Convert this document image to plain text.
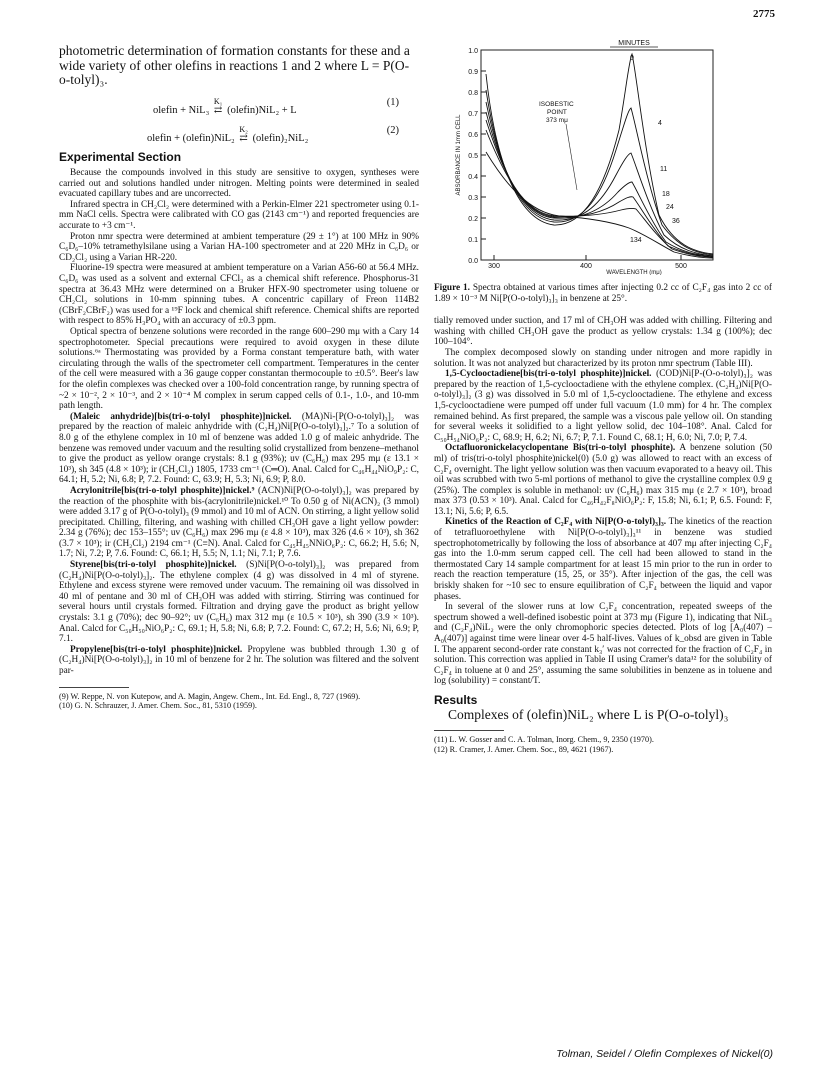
2775
photometric determination of formation constants for these and a wide variety of other olefins in reactions 1 and 2 where L = P(O-o-tolyl)₃.
olefin + NiL₃
K₁
⇄ (olefin)NiL₂ + L
(1)
olefin + (olefin)NiL₂
K₂
⇄ (olefin)₂NiL₂
(2)
Experimental Section

Because the compounds involved in this study are sensitive to oxygen, syntheses were carried out and solutions handled under nitrogen. Melting points were determined in sealed evacuated capillary tubes and are uncorrected.

Infrared spectra in CH₂Cl₂ were determined with a Perkin-Elmer 221 spectrometer using 0.1-mm NaCl cells. Spectra were calibrated with CO gas (2143 cm⁻¹) and reported frequencies are accurate to +3 cm⁻¹.

Proton nmr spectra were determined at ambient temperature (29 ± 1°) at 100 MHz in 90% C₆D₆–10% tetramethylsilane using a Varian HA-100 spectrometer and at 220 MHz in C₆D₆ or CD₂Cl₂ using a Varian HR-220.

Fluorine-19 spectra were measured at ambient temperature on a Varian A56-60 at 56.4 MHz. C₆D₆ was used as a solvent and external CFCl₃ as a chemical shift reference. Phosphorus-31 spectra at 36.43 MHz were determined on a Bruker HFX-90 spectrometer using toluene or CH₂Cl₂ solutions in 10-mm spinning tubes. A concentric capillary of Freon 114B2 (CBrF₂CBrF₂) was used for a ¹⁹F lock and chemical shift reference. Chemical shifts are reported with respect to 85% H₃PO₄ with an accuracy of ±0.3 ppm.

Optical spectra of benzene solutions were recorded in the range 600–290 mμ with a Cary 14 spectrophotometer. Special precautions were required to avoid oxygen in these dilute solutions.⁶ᵃ Thermostating was provided by a Forma constant temperature bath, with water circulating through the walls of the spectrometer cell compartment. Temperatures in the center of the cell were measured with a 36 gauge copper constantan thermocouple to ±0.5°. Beer's law for the olefin complexes was checked over a 100-fold concentration range, by running spectra of ~2 × 10⁻², 2 × 10⁻³, and 2 × 10⁻⁴ M complex in serum capped cells of 0.1-, 1.0-, and 10-mm path length.

(Maleic anhydride)[bis(tri-o-tolyl phosphite)]nickel. (MA)Ni-[P(O-o-tolyl)₃]₂ was prepared by the reaction of maleic anhydride with (C₂H₄)Ni[P(O-o-tolyl)₃]₂.⁷ To a solution of 8.0 g of the ethylene complex in 10 ml of benzene was added 1.0 g of maleic anhydride. The benzene was removed under vacuum and the resulting solid crystallized from benzene–methanol to give the product as yellow orange crystals: 8.1 g (93%); uv (C₆H₆) max 295 mμ (ε 13.1 × 10³), sh 345 (4.8 × 10³); ir (CH₂Cl₂) 1805, 1733 cm⁻¹ (C═O). Anal. Calcd for C₄₆H₄₄NiO₉P₂: C, 64.1; H, 5.2; Ni, 6.8; P, 7.2. Found: C, 63.9; H, 5.3; Ni, 6.9; P, 8.0.

Acrylonitrile[bis(tri-o-tolyl phosphite)]nickel.⁹ (ACN)Ni[P(O-o-tolyl)₃]₂ was prepared by the reaction of the phosphite with bis-(acrylonitrile)nickel.¹⁰ To 0.50 g of Ni(ACN)₂ (3 mmol) were added 3.17 g of P(O-o-tolyl)₃ (9 mmol) and 10 ml of ACN. On stirring, a light yellow solid precipitated. Chilling, filtering, and washing with chilled CH₃OH gave a light yellow powder: 2.34 g (76%); dec 153–155°; uv (C₆H₆) max 296 mμ (ε 4.8 × 10³), max 326 (4.6 × 10³), sh 362 (3.7 × 10³); ir (CH₂Cl₂) 2194 cm⁻¹ (C≡N). Anal. Calcd for C₄₅H₄₅NNiO₆P₂: C, 66.2; H, 5.6; N, 1.7; Ni, 7.2; P, 7.6. Found: C, 66.1; H, 5.5; N, 1.1; Ni, 7.1; P, 7.6.

Styrene[bis(tri-o-tolyl phosphite)]nickel. (S)Ni[P(O-o-tolyl)₃]₂ was prepared from (C₂H₄)Ni[P(O-o-tolyl)₃]₂. The ethylene complex (4 g) was dissolved in 4 ml of styrene. Ethylene and excess styrene were removed under vacuum. The remaining oil was dissolved in 40 ml of pentane and 30 ml of CH₃OH was added with stirring. Stirring was continued for several hours until crystals formed. Filtration and drying gave the product as bright yellow crystals: 3.1 g (70%); dec 90–92°; uv (C₆H₆) max 312 mμ (ε 10.5 × 10³), sh 390 (3.9 × 10³). Anal. Calcd for C₅₀H₅₀NiO₆P₂: C, 69.1; H, 5.8; Ni, 6.8; P, 7.2. Found: C, 67.2; H, 5.6; Ni, 6.9; P, 7.1.

Propylene[bis(tri-o-tolyl phosphite)]nickel. Propylene was bubbled through 1.30 g of (C₂H₄)Ni[P(O-o-tolyl)₃]₂ in 10 ml of benzene for 2 hr. The solution was filtered and the solvent par-

(9) W. Reppe, N. von Kutepow, and A. Magin, Angew. Chem., Int. Ed. Engl., 8, 727 (1969).
(10) G. N. Schrauzer, J. Amer. Chem. Soc., 81, 5310 (1959).
0.0
0.1
0.2
0.3
0.4
0.5
0.6
0.7
0.8
0.9
1.0
300	400	500
WAVELENGTH (mμ)
ABSORBANCE IN 1mm CELL
MINUTES
ISOBESTIC
POINT
373 mμ
0
4
11
18
24
36
134
Figure 1. Spectra obtained at various times after injecting 0.2 cc of C₂F₄ gas into 2 cc of 1.89 × 10⁻³ M Ni[P(O-o-tolyl)₃]₃ in benzene at 25°.

tially removed under suction, and 17 ml of CH₃OH was added with chilling. Filtering and washing with chilled CH₃OH gave the product as yellow crystals: 1.34 g (100%); dec 100–104°.

The complex decomposed slowly on standing under nitrogen and more rapidly in solution. It was not analyzed but characterized by its proton nmr spectrum (Table III).

1,5-Cyclooctadiene[bis(tri-o-tolyl phosphite)]nickel. (COD)Ni[P-(O-o-tolyl)₃]₂ was prepared by the reaction of 1,5-cyclooctadiene with the ethylene complex. (C₂H₄)Ni[P(O-o-tolyl)₃]₂ (3 g) was dissolved in 5.0 ml of 1,5-cyclooctadiene. The ethylene and excess 1,5-cyclooctadiene were pumped off under full vacuum (1.0 mm) for 4 hr. The complex remained behind. As first prepared, the sample was a viscous pale yellow oil. On standing for several weeks it solidified to a light yellow solid, dec 104–108°. Anal. Calcd for C₅₀H₅₄NiO₆P₂: C, 68.9; H, 6.2; Ni, 6.7; P, 7.1. Found C, 68.1; H, 6.0; Ni, 7.0; P, 7.4.

Octafluoronickelacyclopentane Bis(tri-o-tolyl phosphite). A benzene solution (50 ml) of tris(tri-o-tolyl phosphite)nickel(0) (5.0 g) was allowed to react with an excess of C₂F₄ overnight. The light yellow solution was then vacuum evaporated to a heavy oil. This oil was scrubbed with two 5-ml portions of methanol to give the crystalline complex 0.9 g (25%). The complex is soluble in methanol: uv (C₆H₆) max 315 mμ (ε 2.7 × 10³), broad max 373 (0.53 × 10³). Anal. Calcd for C₄₆H₄₂F₈NiO₆P₂: F, 15.8; Ni, 6.1; P, 6.5. Found: F, 13.1; Ni, 5.6; P, 6.5.

Kinetics of the Reaction of C₂F₄ with Ni[P(O-o-tolyl)₃]₃. The kinetics of the reaction of tetrafluoroethylene with Ni[P(O-o-tolyl)₃]₃¹¹ in benzene was studied spectrophotometrically by following the loss of absorbance at 407 mμ after injecting C₂F₄ gas into the 1.0-mm serum capped cell. The cell had been allowed to stand in the thermostated Cary 14 sample compartment for at least 15 min prior to the run in order to reach the reaction temperature (15, 25, or 35°). After injection of the gas, the cell was briskly shaken for ~10 sec to ensure equilibration of C₂F₄ between the liquid and vapor phases.

In several of the slower runs at low C₂F₄ concentration, repeated sweeps of the spectrum showed a well-defined isobestic point at 373 mμ (Figure 1), indicating that NiL₃ and (C₂F₄)NiL₂ were the only chromophoric species detected. Plots of log [A₀(407) – A₀(407)] against time were linear over 4-5 half-lives. Values of k_obsd are given in Table I. The apparent second-order rate constant k₃′ was not corrected for the fraction of C₂F₄ in solution. This correction was applied in Table II using Cramer's data¹² for the solubility of C₂F₄ in toluene at 0 and 25°, assuming the same solubilities in benzene as in toluene and log (solubility) = constant/T.

Results
Complexes of (olefin)NiL₂ where L is P(O-o-tolyl)₃
(11) L. W. Gosser and C. A. Tolman, Inorg. Chem., 9, 2350 (1970).
(12) R. Cramer, J. Amer. Chem. Soc., 89, 4621 (1967).
Tolman, Seidel / Olefin Complexes of Nickel(0)
